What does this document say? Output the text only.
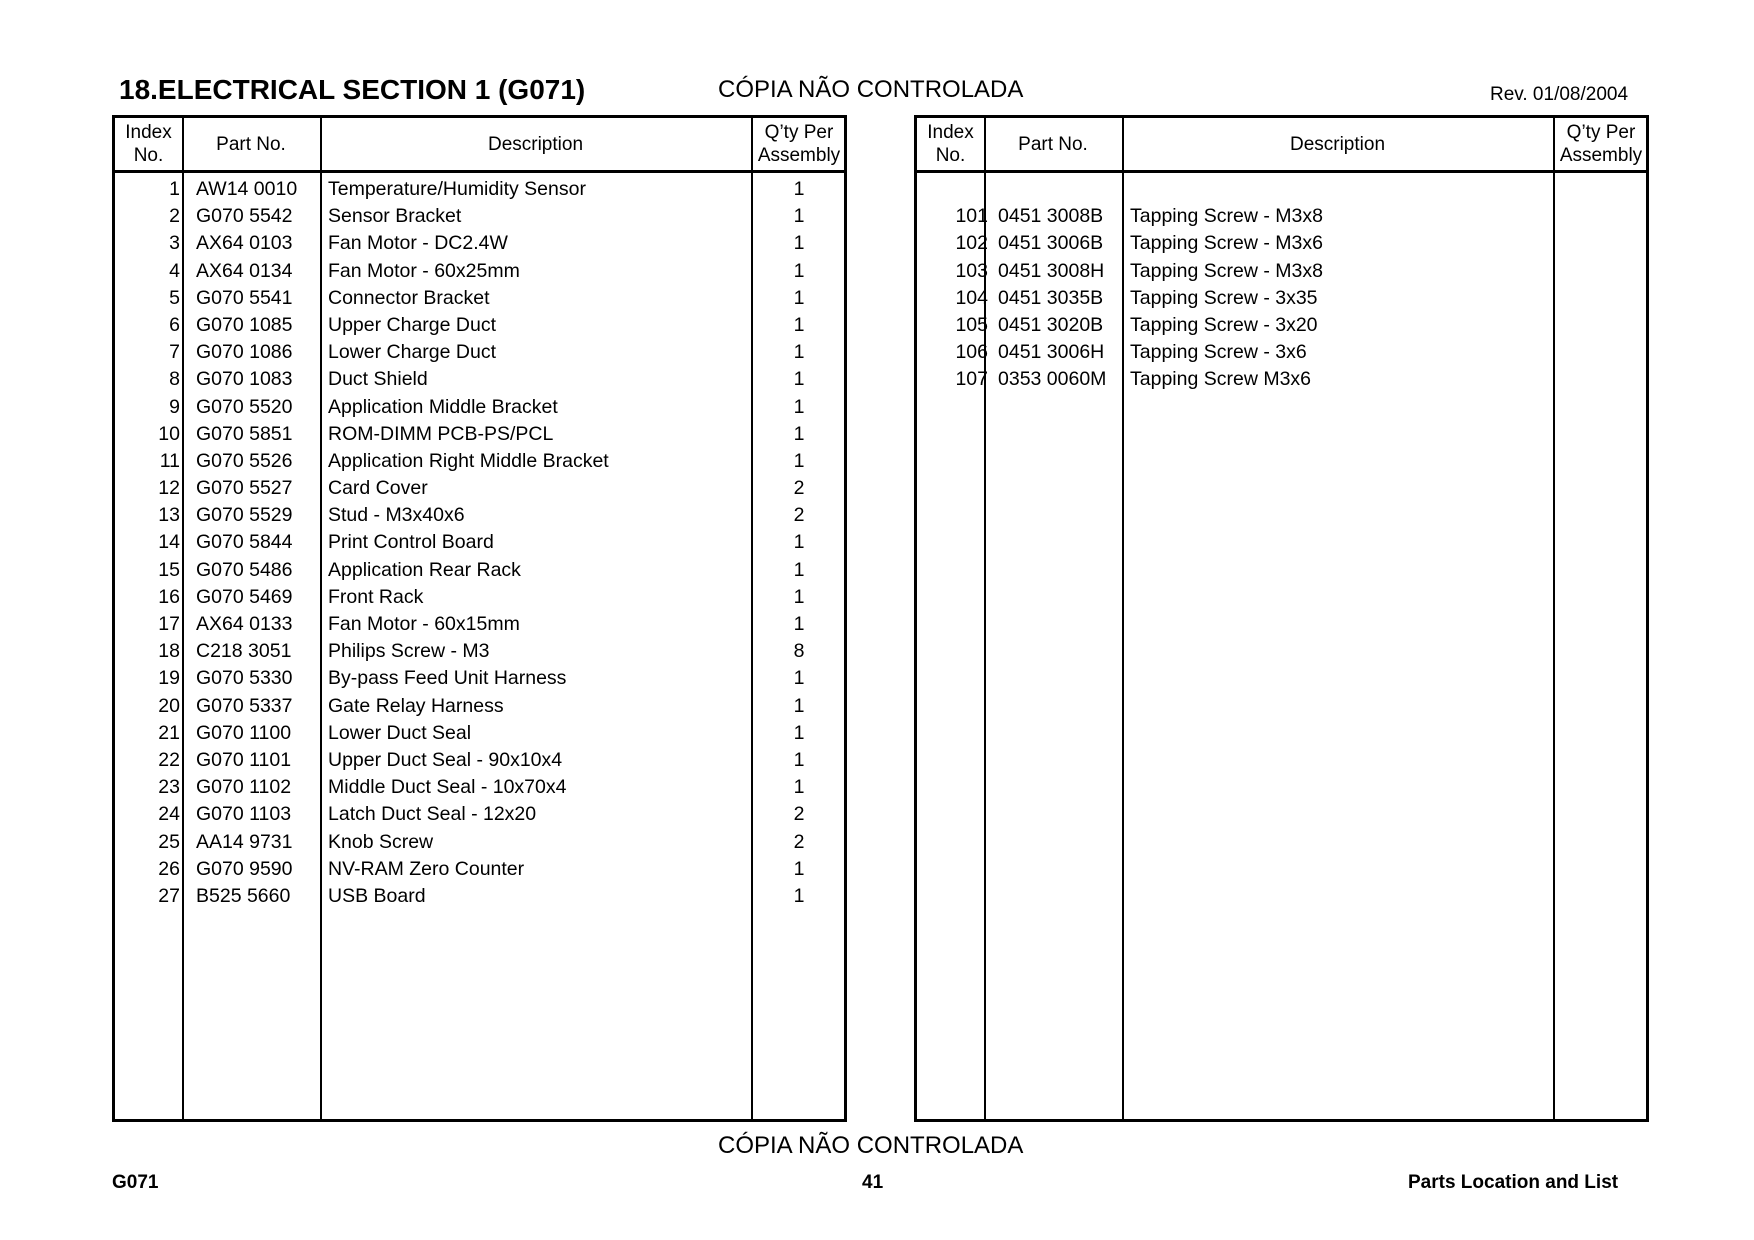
18.ELECTRICAL SECTION 1 (G071)	CÓPIA NÃO CONTROLADA	Rev. 01/08/2004
Index
No.
Part No.	Description
Q’ty Per
Assembly
1 AW14 0010 Temperature/Humidity Sensor	1
2 G070 5542 Sensor Bracket	1
3 AX64 0103 Fan Motor - DC2.4W	1
4 AX64 0134 Fan Motor - 60x25mm	1
5 G070 5541 Connector Bracket	1
6 G070 1085 Upper Charge Duct	1
7 G070 1086 Lower Charge Duct	1
8 G070 1083 Duct Shield	1
9 G070 5520 Application Middle Bracket	1
10 G070 5851 ROM-DIMM PCB-PS/PCL	1
11 G070 5526 Application Right Middle Bracket	1
12 G070 5527 Card Cover	2
13 G070 5529 Stud - M3x40x6	2
14 G070 5844 Print Control Board	1
15 G070 5486 Application Rear Rack	1
16 G070 5469 Front Rack	1
17 AX64 0133 Fan Motor - 60x15mm	1
18 C218 3051 Philips Screw - M3	8
19 G070 5330 By-pass Feed Unit Harness	1
20 G070 5337 Gate Relay Harness	1
21 G070 1100 Lower Duct Seal	1
22 G070 1101 Upper Duct Seal - 90x10x4	1
23 G070 1102 Middle Duct Seal - 10x70x4	1
24 G070 1103 Latch Duct Seal - 12x20	2
25 AA14 9731 Knob Screw	2
26 G070 9590 NV-RAM Zero Counter	1
27 B525 5660 USB Board	1
Index
No.
Part No.	Description
Q’ty Per
Assembly
101 0451 3008B Tapping Screw - M3x8
102 0451 3006B Tapping Screw - M3x6
103 0451 3008H Tapping Screw - M3x8
104 0451 3035B Tapping Screw - 3x35
105 0451 3020B Tapping Screw - 3x20
106 0451 3006H Tapping Screw - 3x6
107 0353 0060M Tapping Screw M3x6
CÓPIA NÃO CONTROLADA
G071	41	Parts Location and List
